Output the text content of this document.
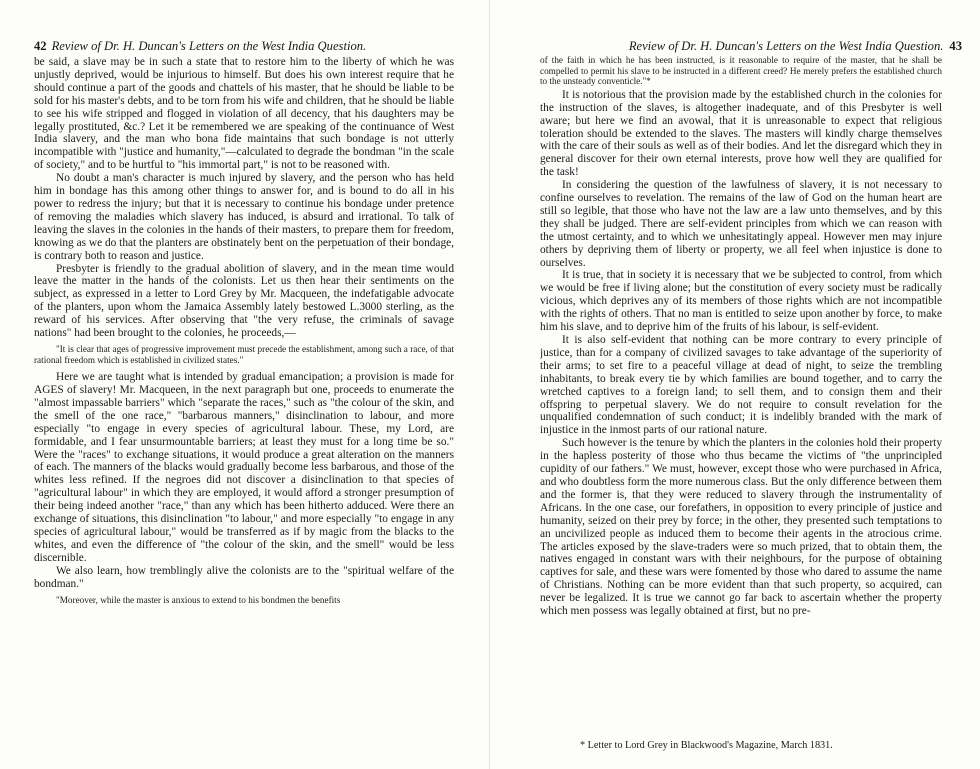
42 Review of Dr. H. Duncan's Letters on the West India Question.

be said, a slave may be in such a state that to restore him to the liberty of which he was unjustly deprived, would be injurious to himself. But does his own interest require that he should continue a part of the goods and chattels of his master, that he should be liable to be sold for his master's debts, and to be torn from his wife and children, that he should be liable to see his wife stripped and flogged in violation of all decency, that his daughters may be legally prostituted, &c.? Let it be remembered we are speaking of the continuance of West India slavery, and the man who bona fide maintains that such bondage is not utterly incompatible with "justice and humanity,"—calculated to degrade the bondman "in the scale of society," and to be hurtful to "his immortal part," is not to be reasoned with.

No doubt a man's character is much injured by slavery, and the person who has held him in bondage has this among other things to answer for, and is bound to do all in his power to redress the injury; but that it is necessary to continue his bondage under pretence of removing the maladies which slavery has induced, is absurd and irrational. To talk of leaving the slaves in the colonies in the hands of their masters, to prepare them for freedom, knowing as we do that the planters are obstinately bent on the perpetuation of their bondage, is contrary both to reason and justice.

Presbyter is friendly to the gradual abolition of slavery, and in the mean time would leave the matter in the hands of the colonists. Let us then hear their sentiments on the subject, as expressed in a letter to Lord Grey by Mr. Macqueen, the indefatigable advocate of the planters, upon whom the Jamaica Assembly lately bestowed L.3000 sterling, as the reward of his services. After observing that "the very refuse, the criminals of savage nations" had been brought to the colonies, he proceeds,—

"It is clear that ages of progressive improvement must precede the establishment, among such a race, of that rational freedom which is established in civilized states."

Here we are taught what is intended by gradual emancipation; a provision is made for AGES of slavery! Mr. Macqueen, in the next paragraph but one, proceeds to enumerate the "almost impassable barriers" which "separate the races," such as "the colour of the skin, and the smell of the one race," "barbarous manners," disinclination to labour, and more especially "to engage in every species of agricultural labour. These, my Lord, are formidable, and I fear unsurmountable barriers; at least they must for a long time be so." Were the "races" to exchange situations, it would produce a great alteration on the manners of each. The manners of the blacks would gradually become less barbarous, and those of the whites less refined. If the negroes did not discover a disinclination to that species of "agricultural labour" in which they are employed, it would afford a stronger presumption of their being indeed another "race," than any which has been hitherto adduced. Were there an exchange of situations, this disinclination "to labour," and more especially "to engage in any species of agricultural labour," would be transferred as if by magic from the blacks to the whites, and even the difference of "the colour of the skin, and the smell" would be less discernible.

We also learn, how tremblingly alive the colonists are to the "spiritual welfare of the bondman."

"Moreover, while the master is anxious to extend to his bondmen the benefits

Review of Dr. H. Duncan's Letters on the West India Question. 43

of the faith in which he has been instructed, is it reasonable to require of the master, that he shall be compelled to permit his slave to be instructed in a different creed? He merely prefers the established church to the unsteady conventicle."*

It is notorious that the provision made by the established church in the colonies for the instruction of the slaves, is altogether inadequate, and of this Presbyter is well aware; but here we find an avowal, that it is unreasonable to expect that religious toleration should be extended to the slaves. The masters will kindly charge themselves with the care of their souls as well as of their bodies. And let the disregard which they in general discover for their own eternal interests, prove how well they are qualified for the task!

In considering the question of the lawfulness of slavery, it is not necessary to confine ourselves to revelation. The remains of the law of God on the human heart are still so legible, that those who have not the law are a law unto themselves, and by this they shall be judged. There are self-evident principles from which we can reason with the utmost certainty, and to which we unhesitatingly appeal. However men may injure others by depriving them of liberty or property, we all feel when injustice is done to ourselves.

It is true, that in society it is necessary that we be subjected to control, from which we would be free if living alone; but the constitution of every society must be radically vicious, which deprives any of its members of those rights which are not incompatible with the rights of others. That no man is entitled to seize upon another by force, to make him his slave, and to deprive him of the fruits of his labour, is self-evident.

It is also self-evident that nothing can be more contrary to every principle of justice, than for a company of civilized savages to take advantage of the superiority of their arms; to set fire to a peaceful village at dead of night, to seize the trembling inhabitants, to break every tie by which families are bound together, and to carry the wretched captives to a foreign land; to sell them, and to consign them and their offspring to perpetual slavery. We do not require to consult revelation for the unqualified condemnation of such conduct; it is indelibly branded with the mark of injustice in the inmost parts of our rational nature.

Such however is the tenure by which the planters in the colonies hold their property in the hapless posterity of those who thus became the victims of "the unprincipled cupidity of our fathers." We must, however, except those who were purchased in Africa, and who doubtless form the more numerous class. But the only difference between them and the former is, that they were reduced to slavery through the instrumentality of Africans. In the one case, our forefathers, in opposition to every principle of justice and humanity, seized on their prey by force; in the other, they presented such temptations to an uncivilized people as induced them to become their agents in the atrocious crime. The articles exposed by the slave-traders were so much prized, that to obtain them, the natives engaged in constant wars with their neighbours, for the purpose of obtaining captives for sale, and these wars were fomented by those who dared to assume the name of Christians. Nothing can be more evident than that such property, so acquired, can never be legalized. It is true we cannot go far back to ascertain whether the property which men possess was legally obtained at first, but no pre-

* Letter to Lord Grey in Blackwood's Magazine, March 1831.
